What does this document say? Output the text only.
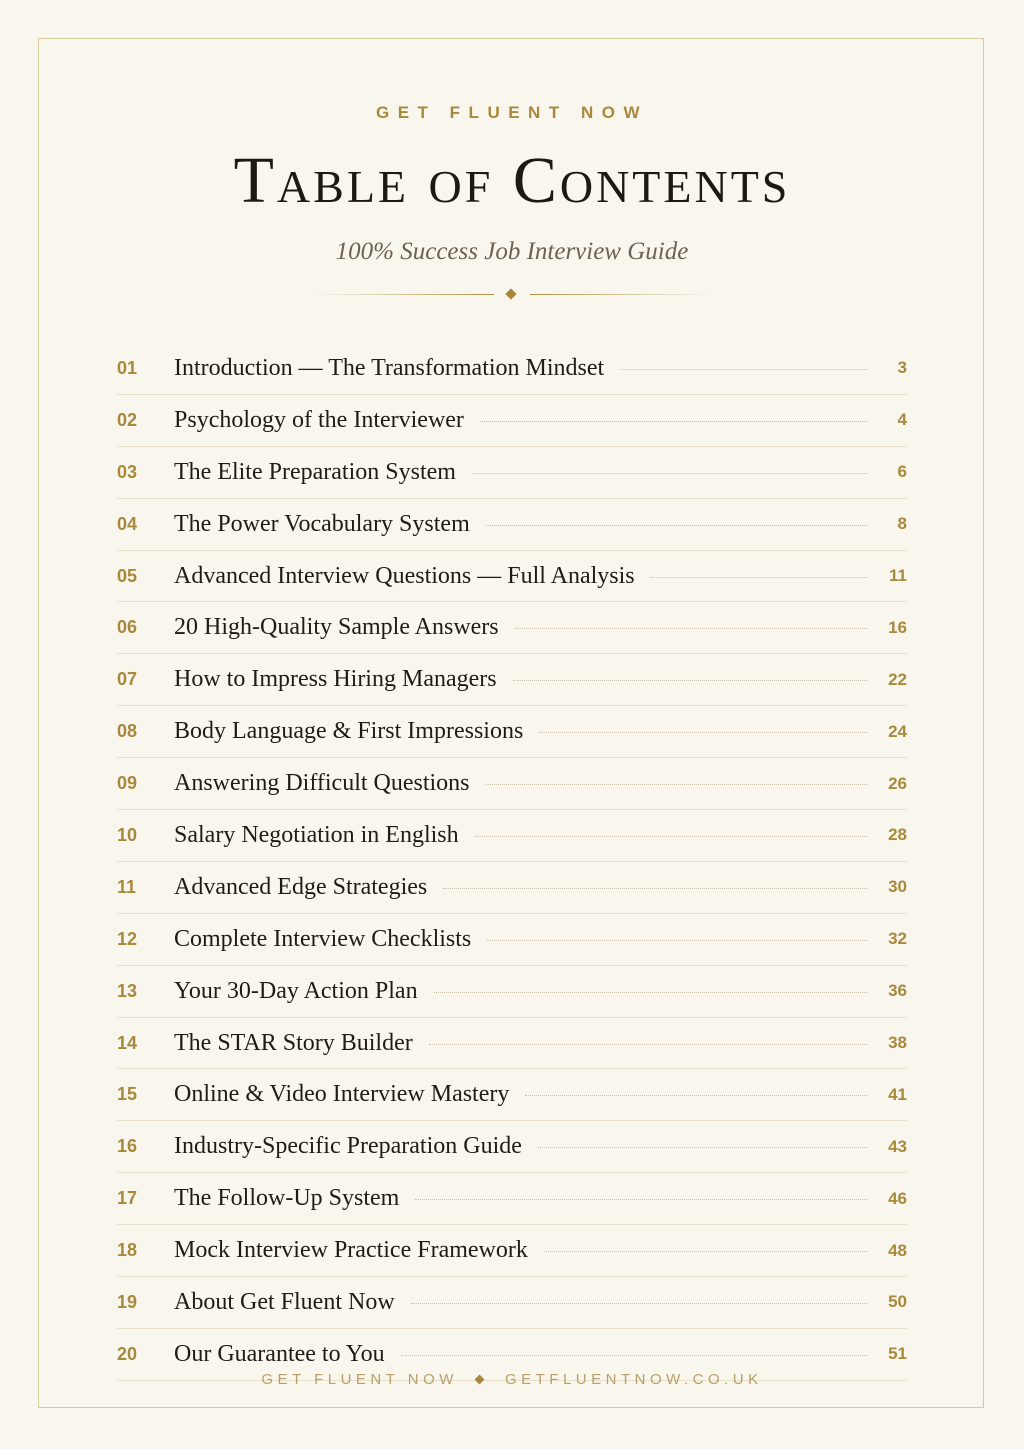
GET FLUENT NOW
Table of Contents
100% Success Job Interview Guide
01	Introduction — The Transformation Mindset	3
02	Psychology of the Interviewer	4
03	The Elite Preparation System	6
04	The Power Vocabulary System	8
05	Advanced Interview Questions — Full Analysis	11
06	20 High-Quality Sample Answers	16
07	How to Impress Hiring Managers	22
08	Body Language & First Impressions	24
09	Answering Difficult Questions	26
10	Salary Negotiation in English	28
11	Advanced Edge Strategies	30
12	Complete Interview Checklists	32
13	Your 30-Day Action Plan	36
14	The STAR Story Builder	38
15	Online & Video Interview Mastery	41
16	Industry-Specific Preparation Guide	43
17	The Follow-Up System	46
18	Mock Interview Practice Framework	48
19	About Get Fluent Now	50
20	Our Guarantee to You	51
GET FLUENT NOW	GETFLUENTNOW.CO.UK
